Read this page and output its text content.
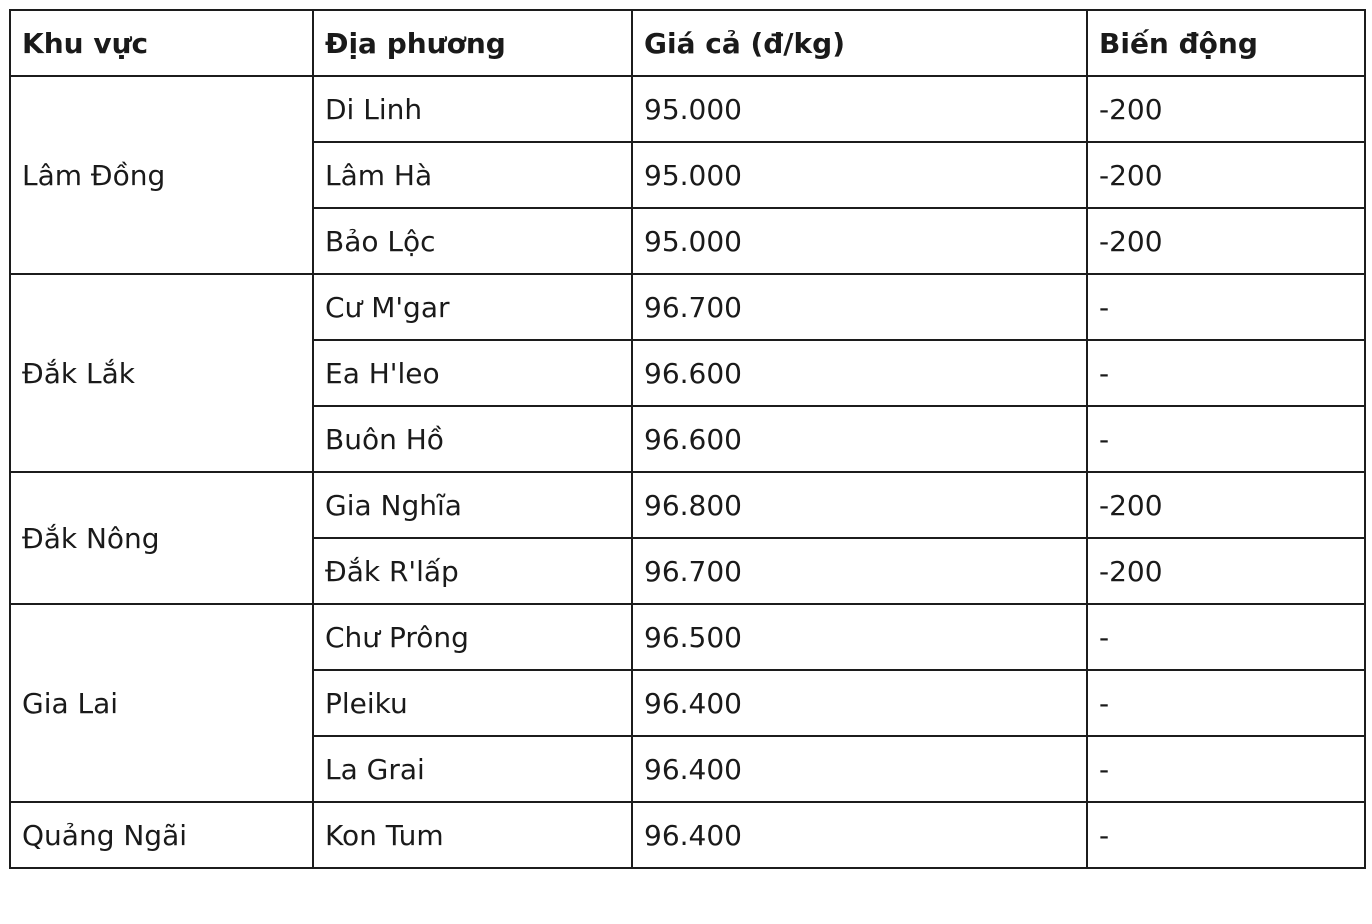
Khu vực	Địa phương	Giá cả (đ/kg)	Biến động
Lâm Đồng	Di Linh	95.000	-200
	Lâm Hà	95.000	-200
	Bảo Lộc	95.000	-200
Đắk Lắk	Cư M'gar	96.700	-
	Ea H'leo	96.600	-
	Buôn Hồ	96.600	-
Đắk Nông	Gia Nghĩa	96.800	-200
	Đắk R'lấp	96.700	-200
Gia Lai	Chư Prông	96.500	-
	Pleiku	96.400	-
	La Grai	96.400	-
Quảng Ngãi	Kon Tum	96.400	-
